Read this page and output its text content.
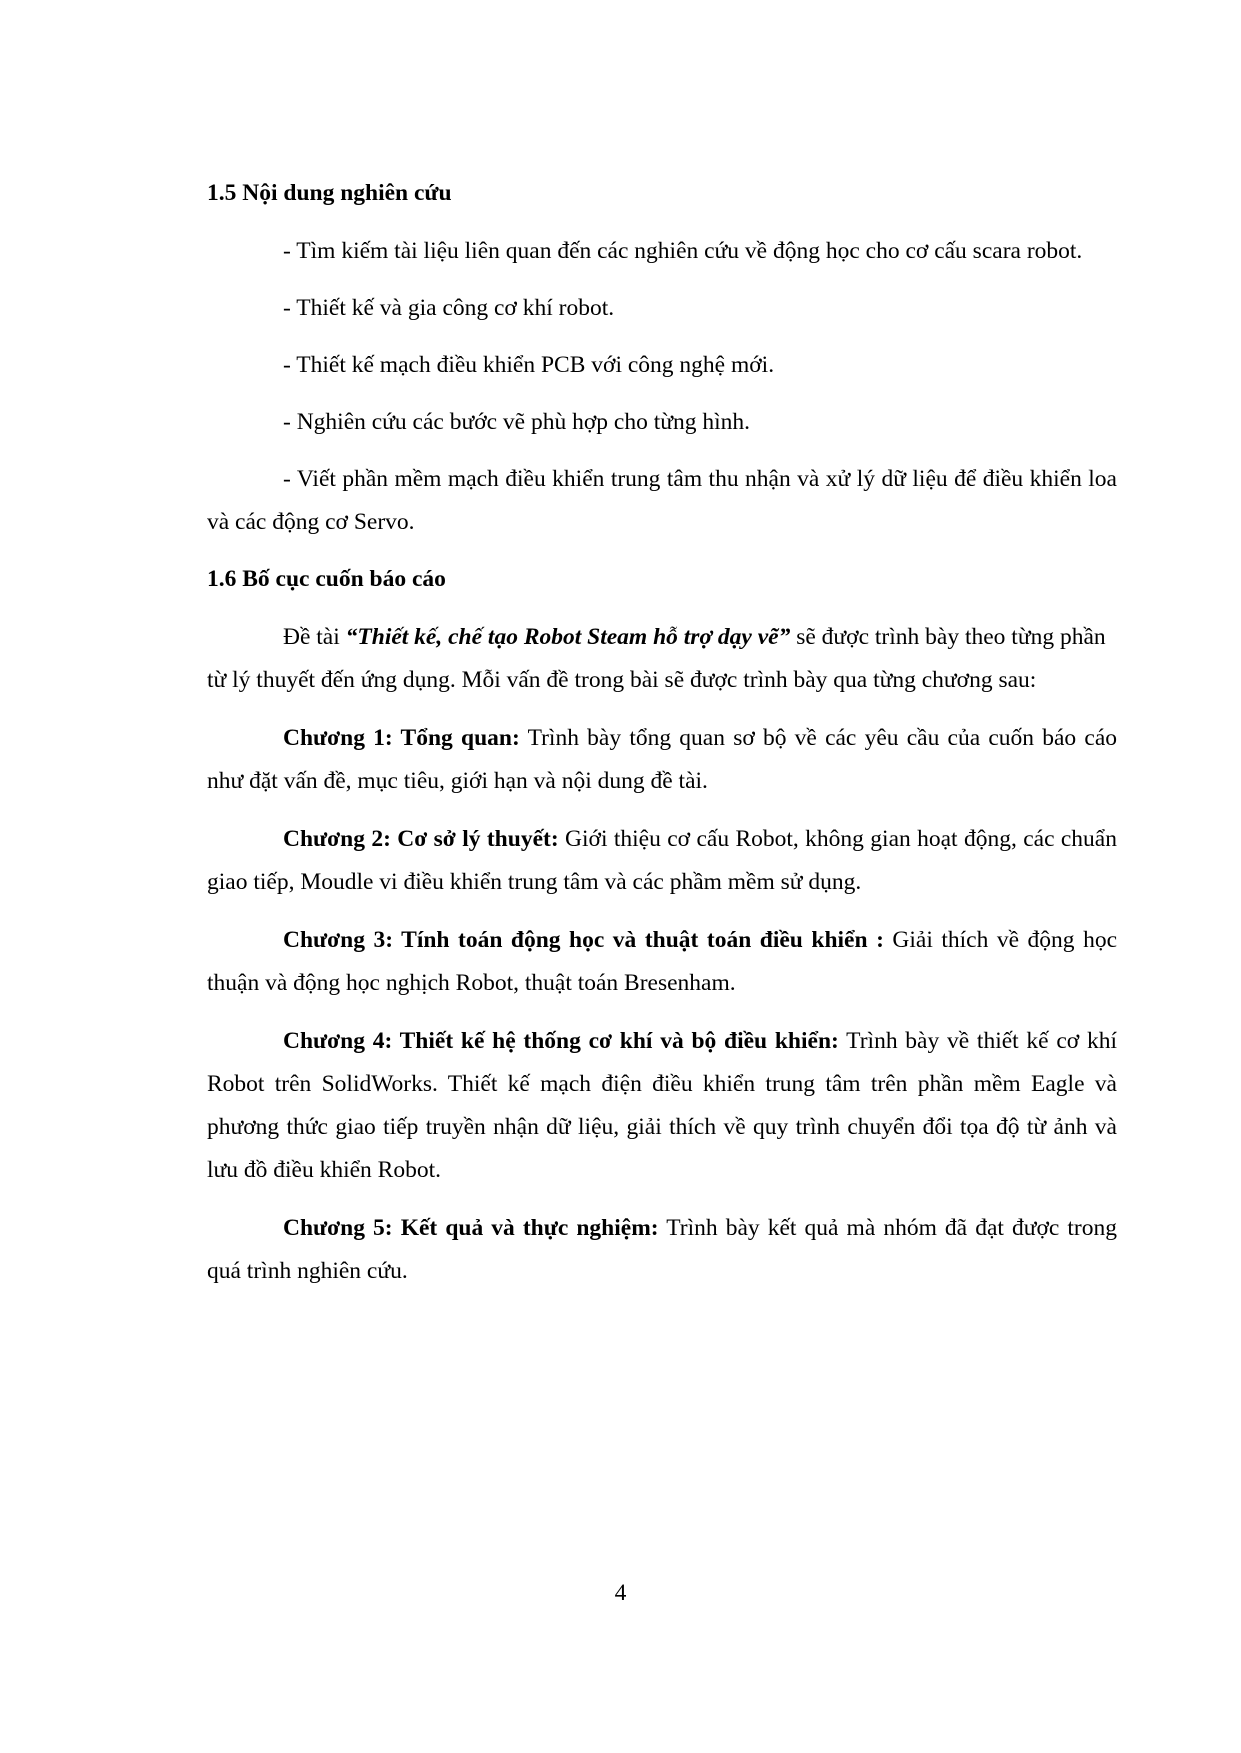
1.5 Nội dung nghiên cứu

- Tìm kiếm tài liệu liên quan đến các nghiên cứu về động học cho cơ cấu scara robot.

- Thiết kế và gia công cơ khí robot.

- Thiết kế mạch điều khiển PCB với công nghệ mới.

- Nghiên cứu các bước vẽ phù hợp cho từng hình.

- Viết phần mềm mạch điều khiển trung tâm thu nhận và xử lý dữ liệu để điều khiển loa và các động cơ Servo.

1.6 Bố cục cuốn báo cáo

Đề tài “Thiết kế, chế tạo Robot Steam hỗ trợ dạy vẽ” sẽ được trình bày theo từng phần từ lý thuyết đến ứng dụng. Mỗi vấn đề trong bài sẽ được trình bày qua từng chương sau:

Chương 1: Tổng quan: Trình bày tổng quan sơ bộ về các yêu cầu của cuốn báo cáo như đặt vấn đề, mục tiêu, giới hạn và nội dung đề tài.

Chương 2: Cơ sở lý thuyết: Giới thiệu cơ cấu Robot, không gian hoạt động, các chuẩn giao tiếp, Moudle vi điều khiển trung tâm và các phầm mềm sử dụng.

Chương 3: Tính toán động học và thuật toán điều khiển : Giải thích về động học thuận và động học nghịch Robot, thuật toán Bresenham.

Chương 4: Thiết kế hệ thống cơ khí và bộ điều khiển: Trình bày về thiết kế cơ khí Robot trên SolidWorks. Thiết kế mạch điện điều khiển trung tâm trên phần mềm Eagle và phương thức giao tiếp truyền nhận dữ liệu, giải thích về quy trình chuyển đổi tọa độ từ ảnh và lưu đồ điều khiển Robot.

Chương 5: Kết quả và thực nghiệm: Trình bày kết quả mà nhóm đã đạt được trong quá trình nghiên cứu.

4
